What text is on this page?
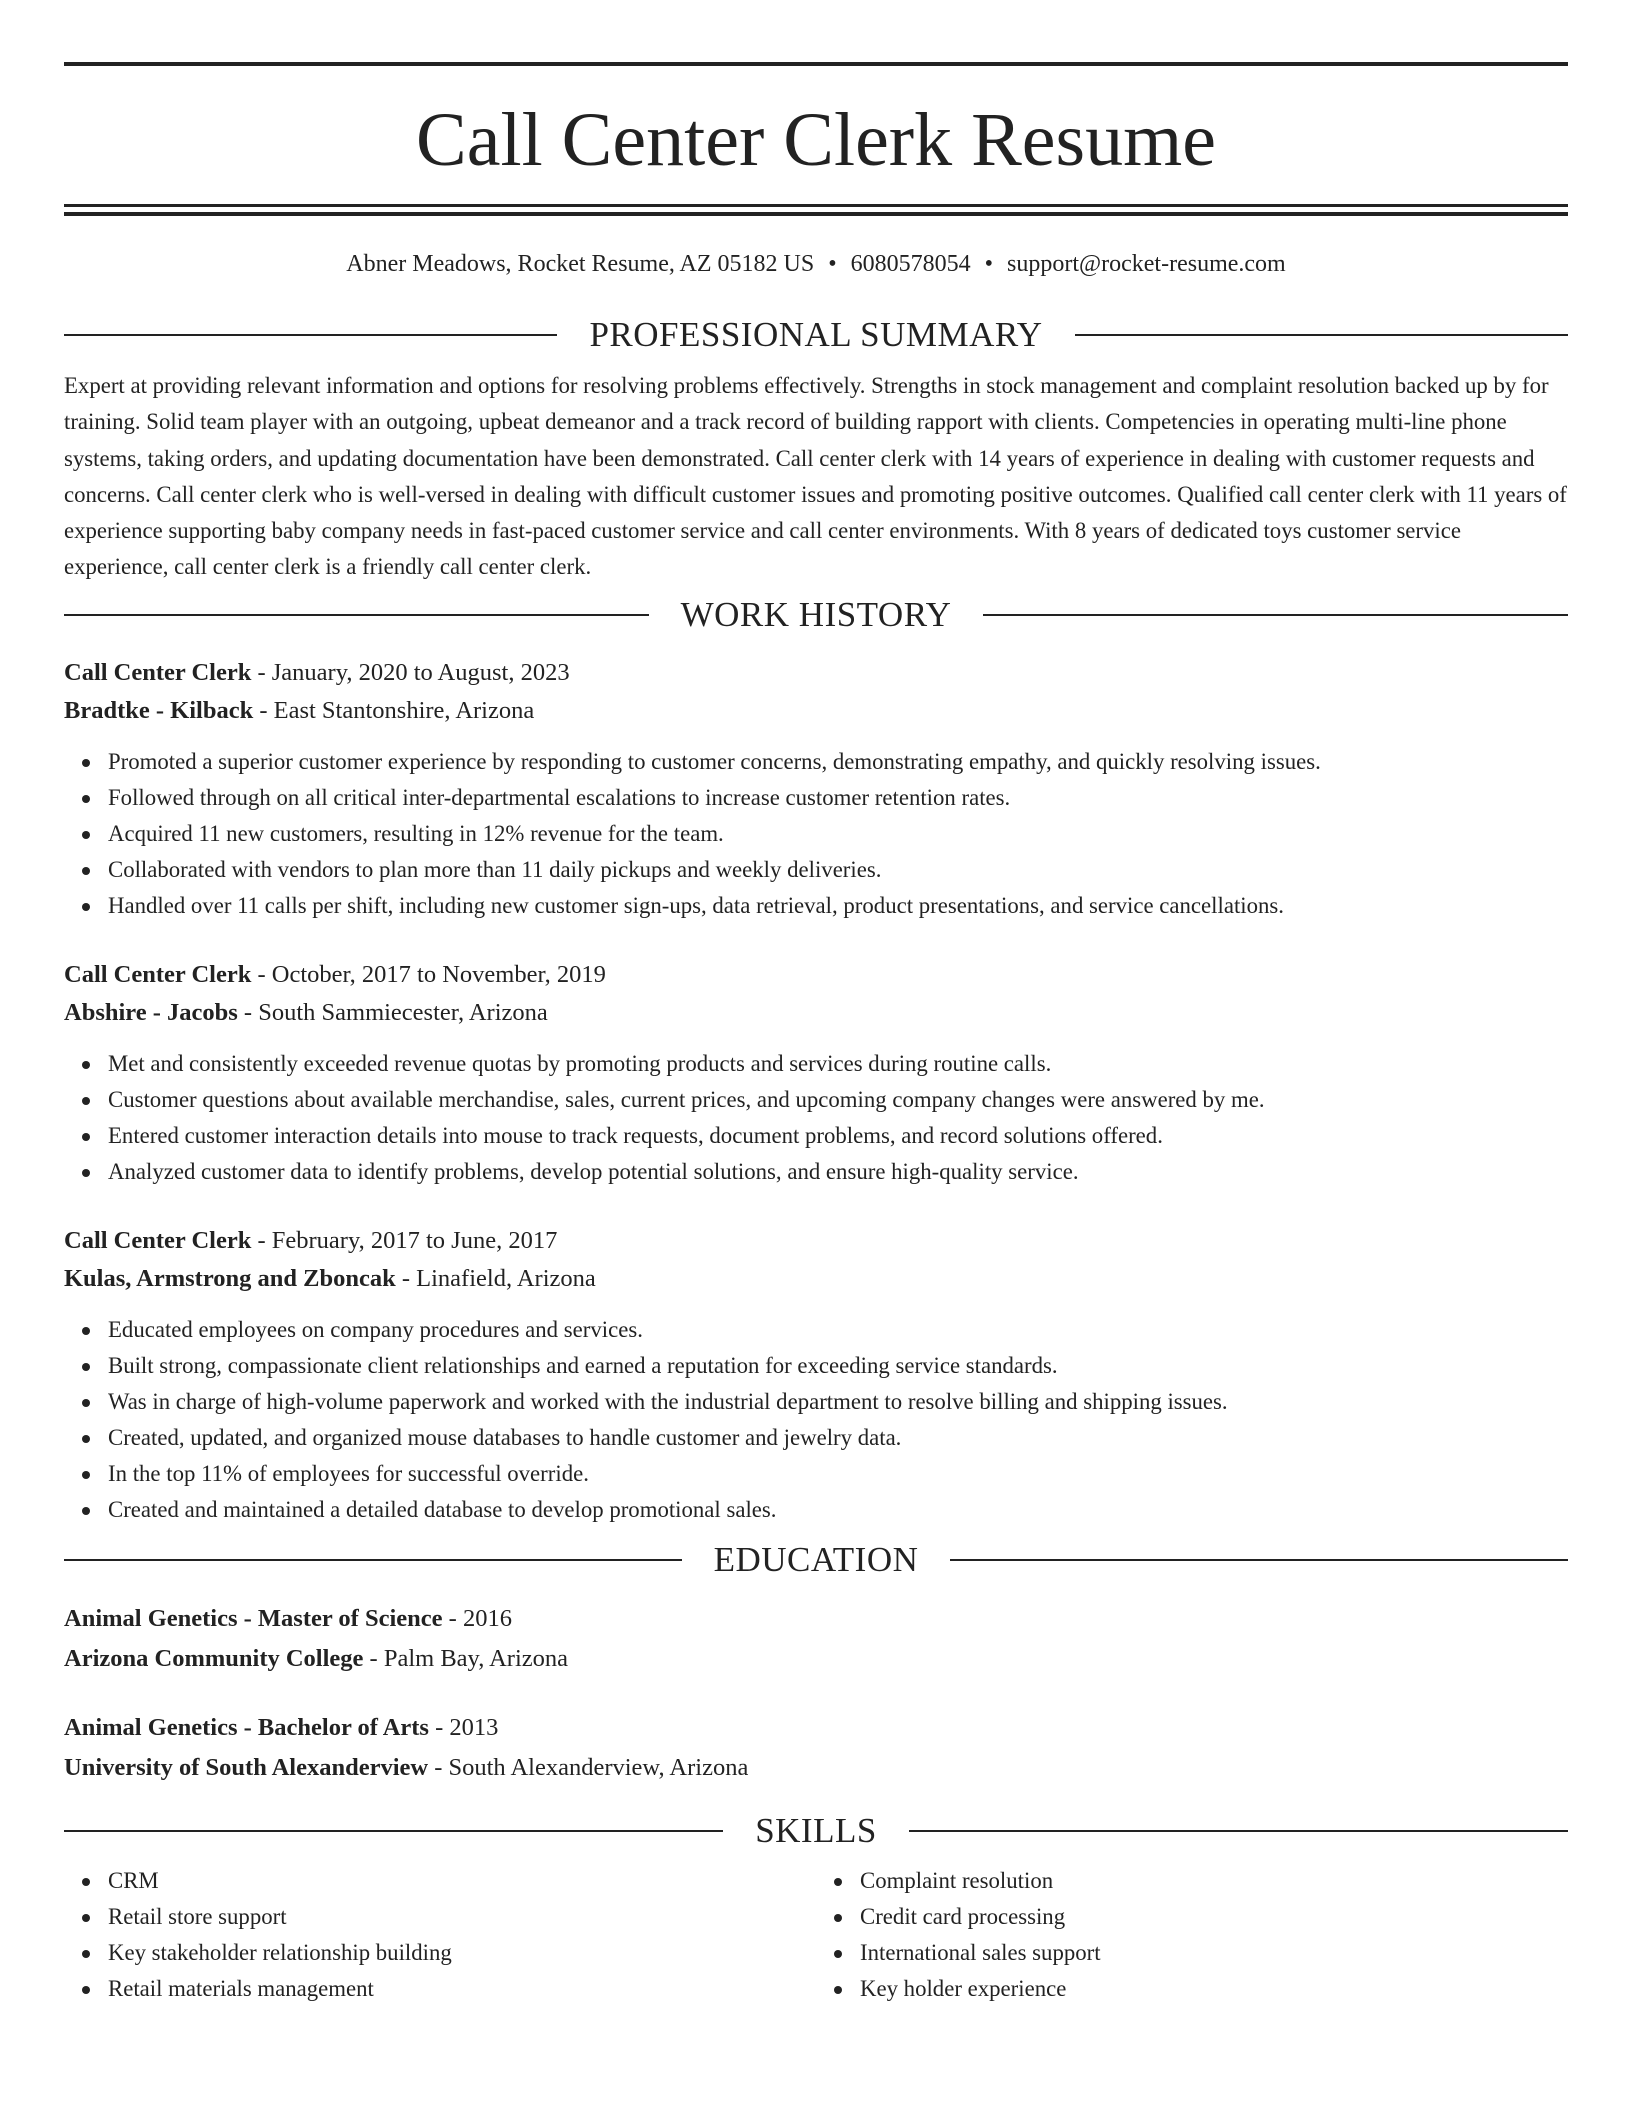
Call Center Clerk Resume
Abner Meadows, Rocket Resume, AZ 05182 US • 6080578054 • support@rocket-resume.com
PROFESSIONAL SUMMARY
Expert at providing relevant information and options for resolving problems effectively. Strengths in stock management and complaint resolution backed up by for training. Solid team player with an outgoing, upbeat demeanor and a track record of building rapport with clients. Competencies in operating multi-line phone systems, taking orders, and updating documentation have been demonstrated. Call center clerk with 14 years of experience in dealing with customer requests and concerns. Call center clerk who is well-versed in dealing with difficult customer issues and promoting positive outcomes. Qualified call center clerk with 11 years of experience supporting baby company needs in fast-paced customer service and call center environments. With 8 years of dedicated toys customer service experience, call center clerk is a friendly call center clerk.
WORK HISTORY
Call Center Clerk - January, 2020 to August, 2023
Bradtke - Kilback - East Stantonshire, Arizona
Promoted a superior customer experience by responding to customer concerns, demonstrating empathy, and quickly resolving issues.
Followed through on all critical inter-departmental escalations to increase customer retention rates.
Acquired 11 new customers, resulting in 12% revenue for the team.
Collaborated with vendors to plan more than 11 daily pickups and weekly deliveries.
Handled over 11 calls per shift, including new customer sign-ups, data retrieval, product presentations, and service cancellations.
Call Center Clerk - October, 2017 to November, 2019
Abshire - Jacobs - South Sammiecester, Arizona
Met and consistently exceeded revenue quotas by promoting products and services during routine calls.
Customer questions about available merchandise, sales, current prices, and upcoming company changes were answered by me.
Entered customer interaction details into mouse to track requests, document problems, and record solutions offered.
Analyzed customer data to identify problems, develop potential solutions, and ensure high-quality service.
Call Center Clerk - February, 2017 to June, 2017
Kulas, Armstrong and Zboncak - Linafield, Arizona
Educated employees on company procedures and services.
Built strong, compassionate client relationships and earned a reputation for exceeding service standards.
Was in charge of high-volume paperwork and worked with the industrial department to resolve billing and shipping issues.
Created, updated, and organized mouse databases to handle customer and jewelry data.
In the top 11% of employees for successful override.
Created and maintained a detailed database to develop promotional sales.
EDUCATION
Animal Genetics - Master of Science - 2016
Arizona Community College - Palm Bay, Arizona
Animal Genetics - Bachelor of Arts - 2013
University of South Alexanderview - South Alexanderview, Arizona
SKILLS
CRM
Retail store support
Key stakeholder relationship building
Retail materials management
Complaint resolution
Credit card processing
International sales support
Key holder experience
